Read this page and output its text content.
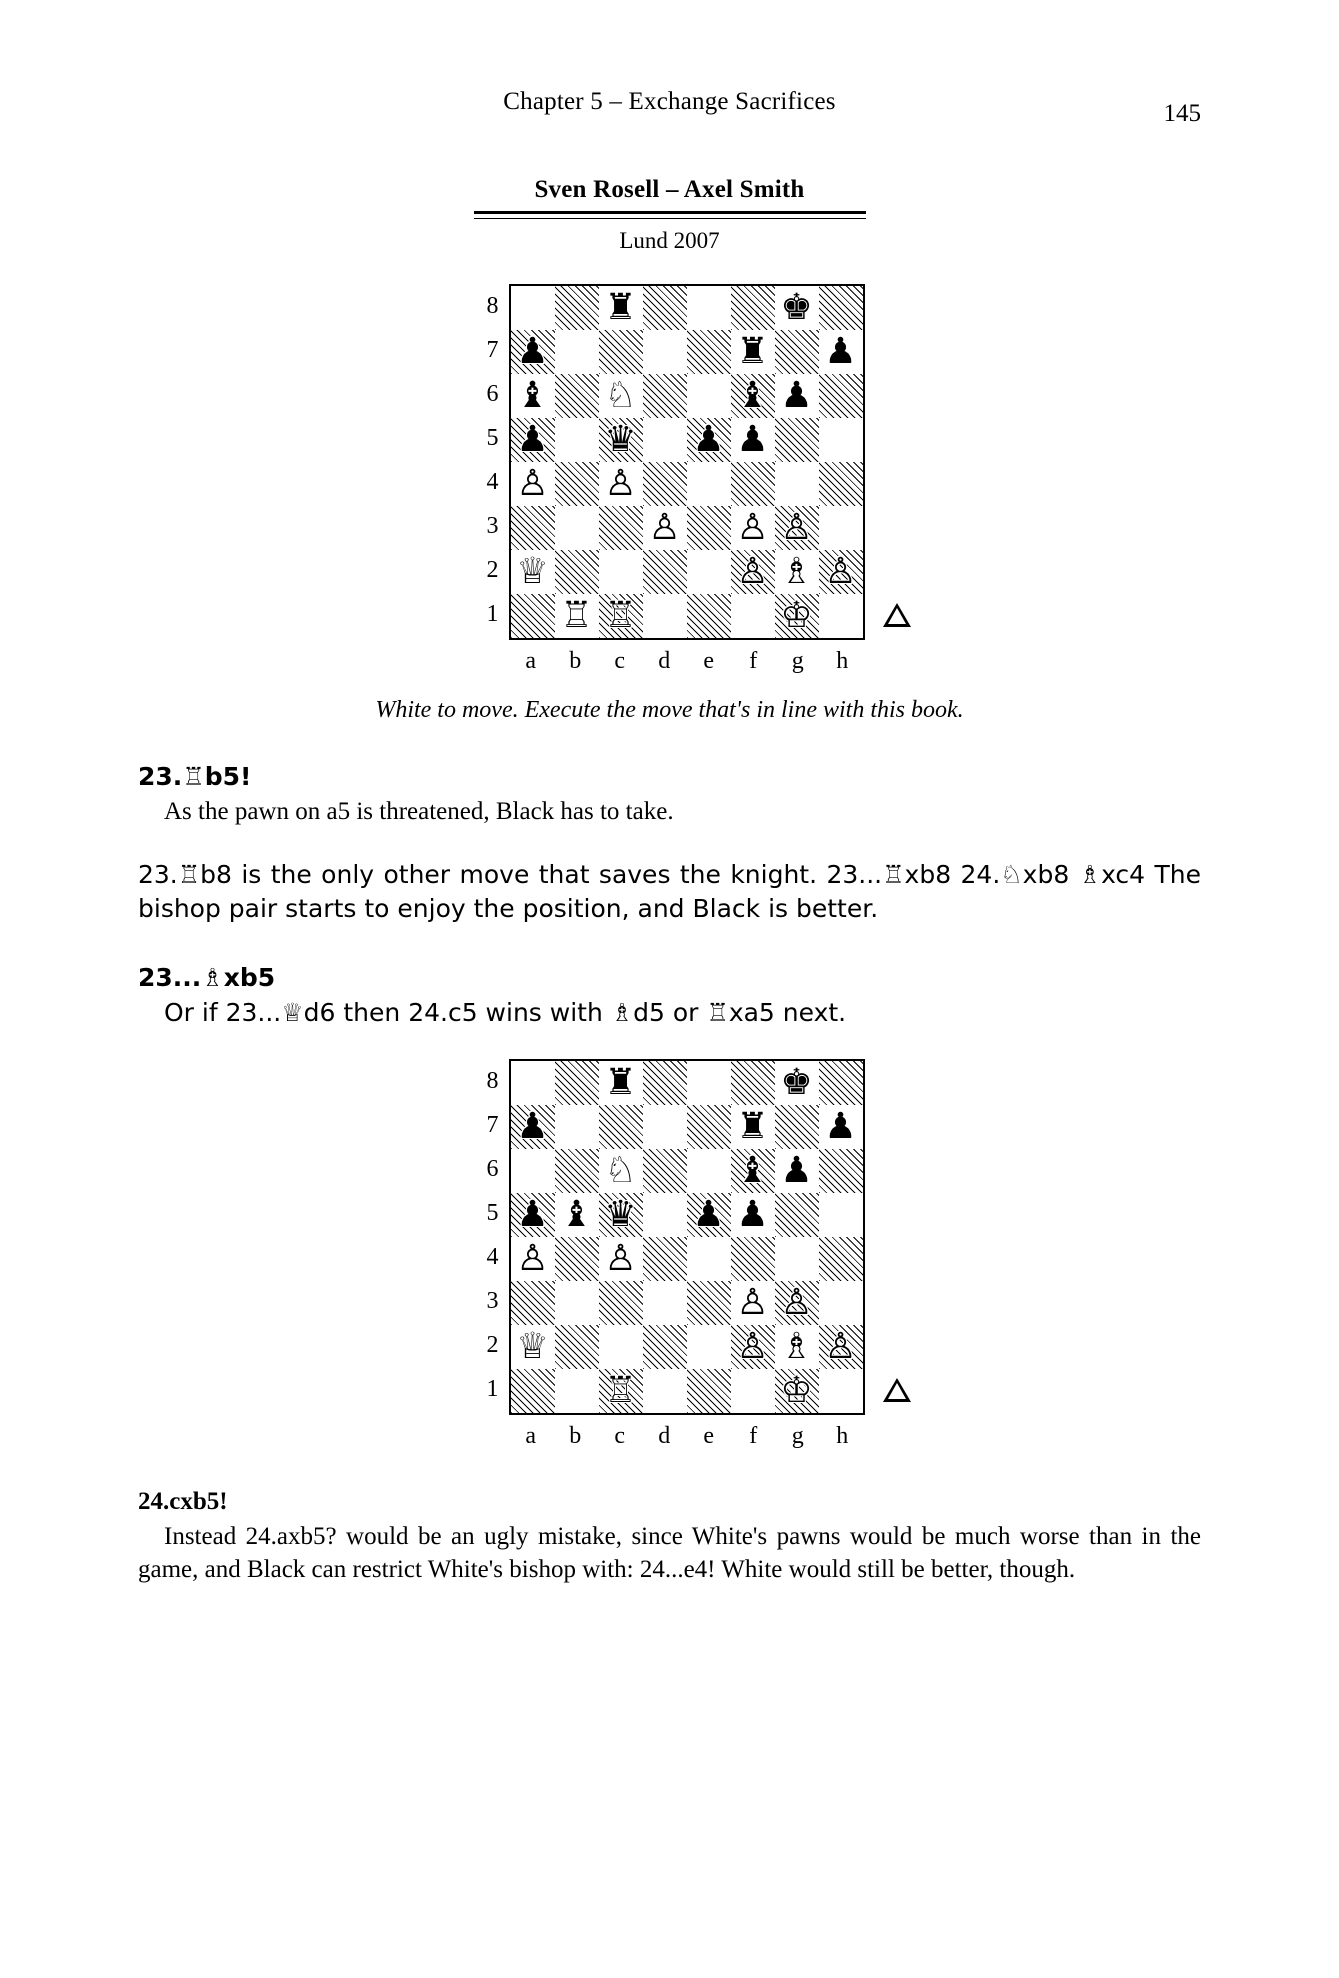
Chapter 5 – Exchange Sacrifices	145
Sven Rosell – Axel Smith
Lund 2007
8
7
6
5
4
3
2
1
♜	♚
♟	♜ ♟
♝ ♘	♝ ♟
♟ ♛ ♟ ♟
♙ ♙
♙ ♙ ♙
♕	♙ ♗ ♙
♖ ♖	♔
a	b	c	d	e	f	g	h
White to move. Execute the move that's in line with this book.
23.♖b5!

As the pawn on a5 is threatened, Black has to take.

23.♖b8 is the only other move that saves the knight. 23...♖xb8 24.♘xb8 ♗xc4 The bishop pair starts to enjoy the position, and Black is better.

23...♗xb5

Or if 23...♕d6 then 24.c5 wins with ♗d5 or ♖xa5 next.

8
7
6
5
4
3
2
1
♜	♚
♟	♜ ♟
♘	♝ ♟
♟ ♝ ♛ ♟ ♟
♙ ♙
♙ ♙
♕	♙ ♗ ♙
♖	♔
a	b	c	d	e	f	g	h
24.cxb5!

Instead 24.axb5? would be an ugly mistake, since White's pawns would be much worse than in the game, and Black can restrict White's bishop with: 24...e4! White would still be better, though.
